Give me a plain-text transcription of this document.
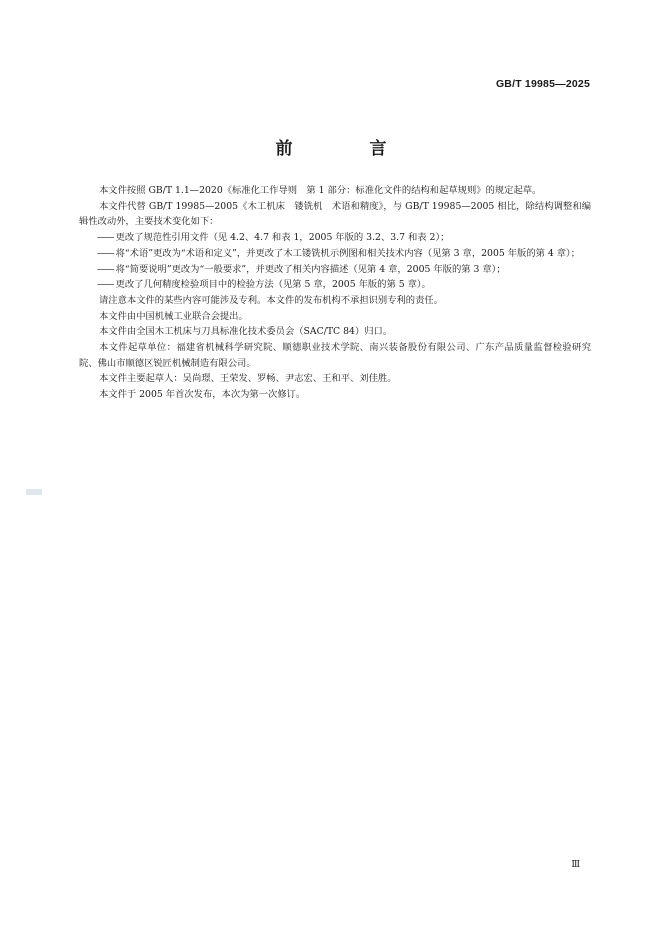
GB/T 19985—2025
前　言

本文件按照 GB/T 1.1—2020《标准化工作导则　第 1 部分：标准化文件的结构和起草规则》的规定起草。

本文件代替 GB/T 19985—2005《木工机床　镂铣机　术语和精度》，与 GB/T 19985—2005 相比，除结构调整和编辑性改动外，主要技术变化如下：

—— 更改了规范性引用文件（见 4.2、4.7 和表 1，2005 年版的 3.2、3.7 和表 2）；

—— 将“术语”更改为“术语和定义”，并更改了木工镂铣机示例图和相关技术内容（见第 3 章，2005 年版的第 4 章）；

—— 将“简要说明”更改为“一般要求”，并更改了相关内容描述（见第 4 章，2005 年版的第 3 章）；

—— 更改了几何精度检验项目中的检验方法（见第 5 章，2005 年版的第 5 章）。

请注意本文件的某些内容可能涉及专利。本文件的发布机构不承担识别专利的责任。

本文件由中国机械工业联合会提出。

本文件由全国木工机床与刀具标准化技术委员会（SAC/TC 84）归口。

本文件起草单位：福建省机械科学研究院、顺德职业技术学院、南兴装备股份有限公司、广东产品质量监督检验研究院、佛山市顺德区锐匠机械制造有限公司。

本文件主要起草人：吴尚璟、王荣发、罗畅、尹志宏、王和平、刘佳胜。

本文件于 2005 年首次发布，本次为第一次修订。

Ⅲ
